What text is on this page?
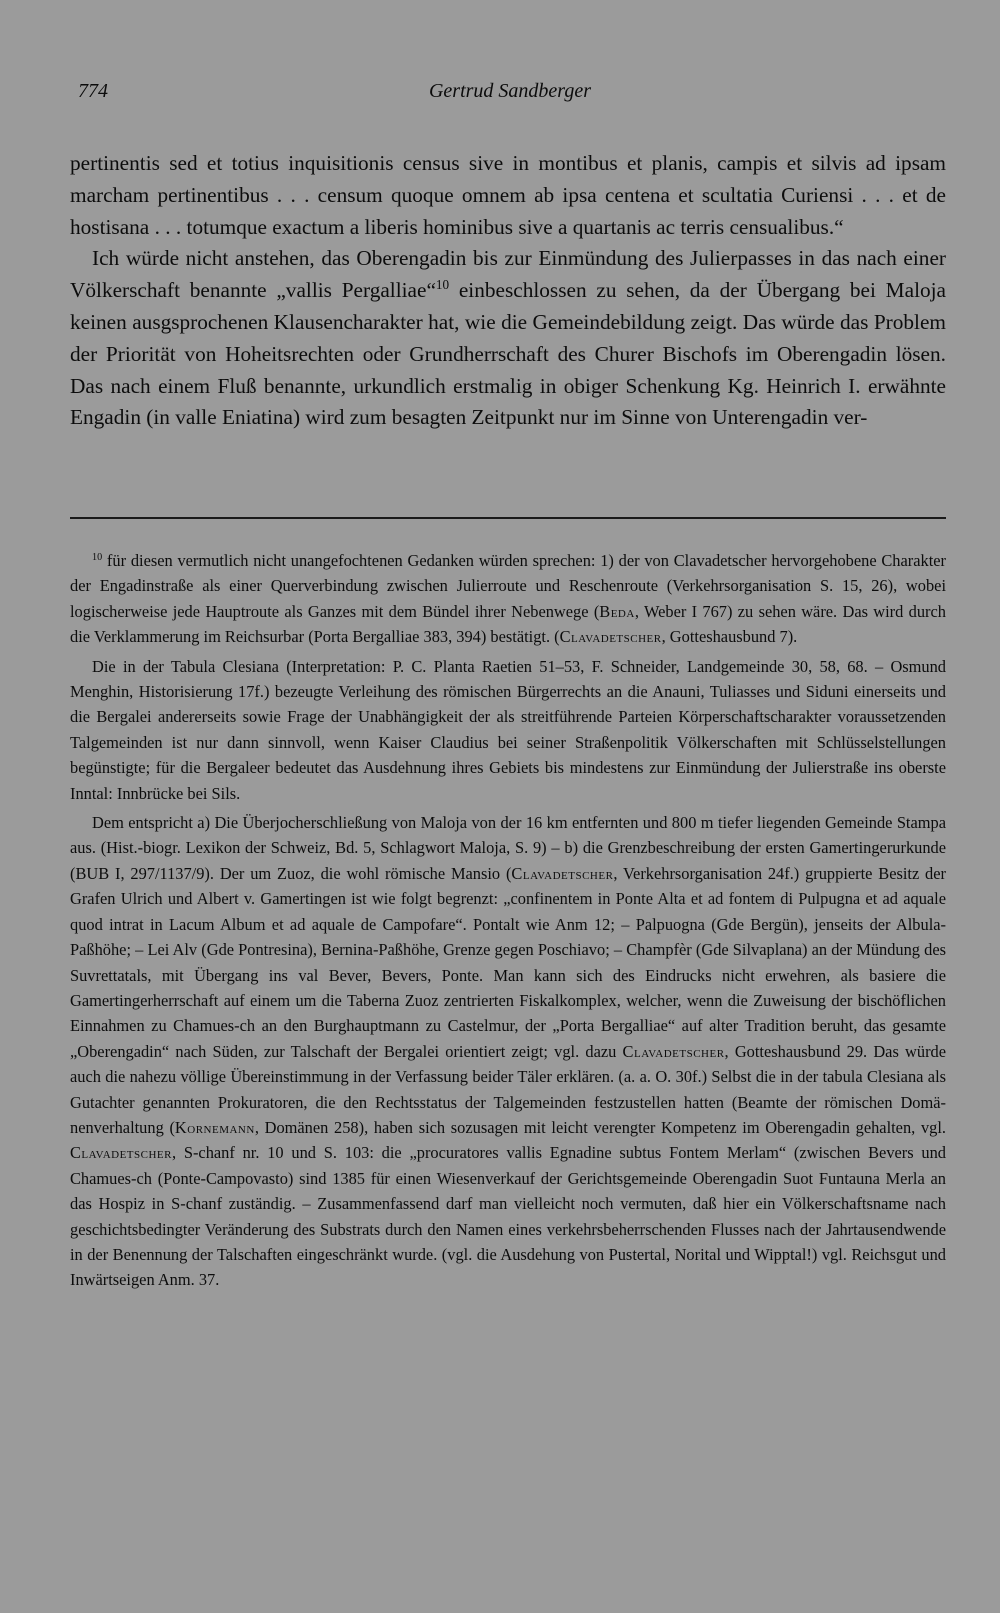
774	Gertrud Sandberger

pertinentis sed et totius inquisitionis census sive in montibus et planis, campis et silvis ad ipsam marcham pertinentibus . . . censum quoque omnem ab ipsa centena et scultatia Curiensi . . . et de hostisana . . . totumque exactum a liberis hominibus sive a quartanis ac terris censualibus.“

Ich würde nicht anstehen, das Oberengadin bis zur Einmündung des Julierpasses in das nach einer Völkerschaft benannte „vallis Pergalliae“$^{10}$ einbeschlossen zu sehen, da der Übergang bei Maloja keinen ausgsprochenen Klausencharakter hat, wie die Gemeindebildung zeigt. Das würde das Problem der Priorität von Hoheitsrechten oder Grundherrschaft des Churer Bischofs im Oberengadin lösen. Das nach einem Fluß benannte, urkundlich erstmalig in obiger Schenkung Kg. Heinrich I. erwähnte Engadin (in valle Eniatina) wird zum besagten Zeitpunkt nur im Sinne von Unterengadin ver-

$^{10}$ für diesen vermutlich nicht unangefochtenen Gedanken würden sprechen: 1) der von Clavadetscher hervorgehobene Charakter der Engadinstraße als einer Querverbindung zwischen Julierroute und Reschenroute (Verkehrsorganisation S. 15, 26), wobei logischerweise jede Hauptroute als Ganzes mit dem Bündel ihrer Nebenwege (Beda, Weber I 767) zu sehen wäre. Das wird durch die Verklammerung im Reichsurbar (Porta Bergalliae 383, 394) bestätigt. (Clavadetscher, Gotteshausbund 7).

Die in der Tabula Clesiana (Interpretation: P. C. Planta Raetien 51–53, F. Schneider, Landgemeinde 30, 58, 68. – Osmund Menghin, Historisierung 17f.) bezeugte Verleihung des römischen Bürgerrechts an die Anauni, Tuliasses und Siduni einerseits und die Bergalei andererseits sowie Frage der Unabhängigkeit der als streitführende Parteien Körperschaftscharakter voraussetzenden Talgemeinden ist nur dann sinnvoll, wenn Kaiser Claudius bei seiner Straßenpolitik Völkerschaften mit Schlüsselstellungen begünstigte; für die Bergaleer bedeutet das Ausdehnung ihres Gebiets bis mindestens zur Einmündung der Julierstraße ins oberste Inntal: Innbrücke bei Sils.

Dem entspricht a) Die Überjocherschließung von Maloja von der 16 km entfernten und 800 m tiefer liegenden Gemeinde Stampa aus. (Hist.-biogr. Lexikon der Schweiz, Bd. 5, Schlagwort Maloja, S. 9) – b) die Grenzbeschreibung der ersten Gamertingerurkunde (BUB I, 297/1137/9). Der um Zuoz, die wohl römische Mansio (Clavadetscher, Verkehrsorganisation 24f.) gruppierte Besitz der Grafen Ulrich und Albert v. Gamertingen ist wie folgt begrenzt: „confinentem in Ponte Alta et ad fontem di Pulpugna et ad aquale quod intrat in Lacum Album et ad aquale de Campofare“. Pontalt wie Anm 12; – Palpuogna (Gde Bergün), jenseits der Albula-Paßhöhe; – Lei Alv (Gde Pontresina), Bernina-Paßhöhe, Grenze gegen Poschiavo; – Champfèr (Gde Silvaplana) an der Mündung des Suvrettatals, mit Übergang ins val Bever, Bevers, Ponte. Man kann sich des Eindrucks nicht erwehren, als basiere die Gamertingerherrschaft auf einem um die Taberna Zuoz zentrierten Fiskalkomplex, welcher, wenn die Zuweisung der bischöflichen Einnahmen zu Chamues-ch an den Burghauptmann zu Castelmur, der „Porta Bergalliae“ auf alter Tradition beruht, das gesamte „Oberengadin“ nach Süden, zur Talschaft der Bergalei orientiert zeigt; vgl. dazu Clavadetscher, Gotteshausbund 29. Das würde auch die nahezu völlige Übereinstimmung in der Verfassung beider Täler erklären. (a. a. O. 30f.) Selbst die in der tabula Clesiana als Gutachter genannten Prokuratoren, die den Rechtsstatus der Talgemeinden festzustellen hatten (Beamte der römischen Domänenverhaltung (Kornemann, Domänen 258), haben sich sozusagen mit leicht verengter Kompetenz im Oberengadin gehalten, vgl. Clavadetscher, S-chanf nr. 10 und S. 103: die „procuratores vallis Egnadine subtus Fontem Merlam“ (zwischen Bevers und Chamues-ch (Ponte-Campovasto) sind 1385 für einen Wiesenverkauf der Gerichtsgemeinde Oberengadin Suot Funtauna Merla an das Hospiz in S-chanf zuständig. – Zusammenfassend darf man vielleicht noch vermuten, daß hier ein Völkerschaftsname nach geschichtsbedingter Veränderung des Substrats durch den Namen eines verkehrsbeherrschenden Flusses nach der Jahrtausendwende in der Benennung der Talschaften eingeschränkt wurde. (vgl. die Ausdehung von Pustertal, Norital und Wipptal!) vgl. Reichsgut und Inwärtseigen Anm. 37.
